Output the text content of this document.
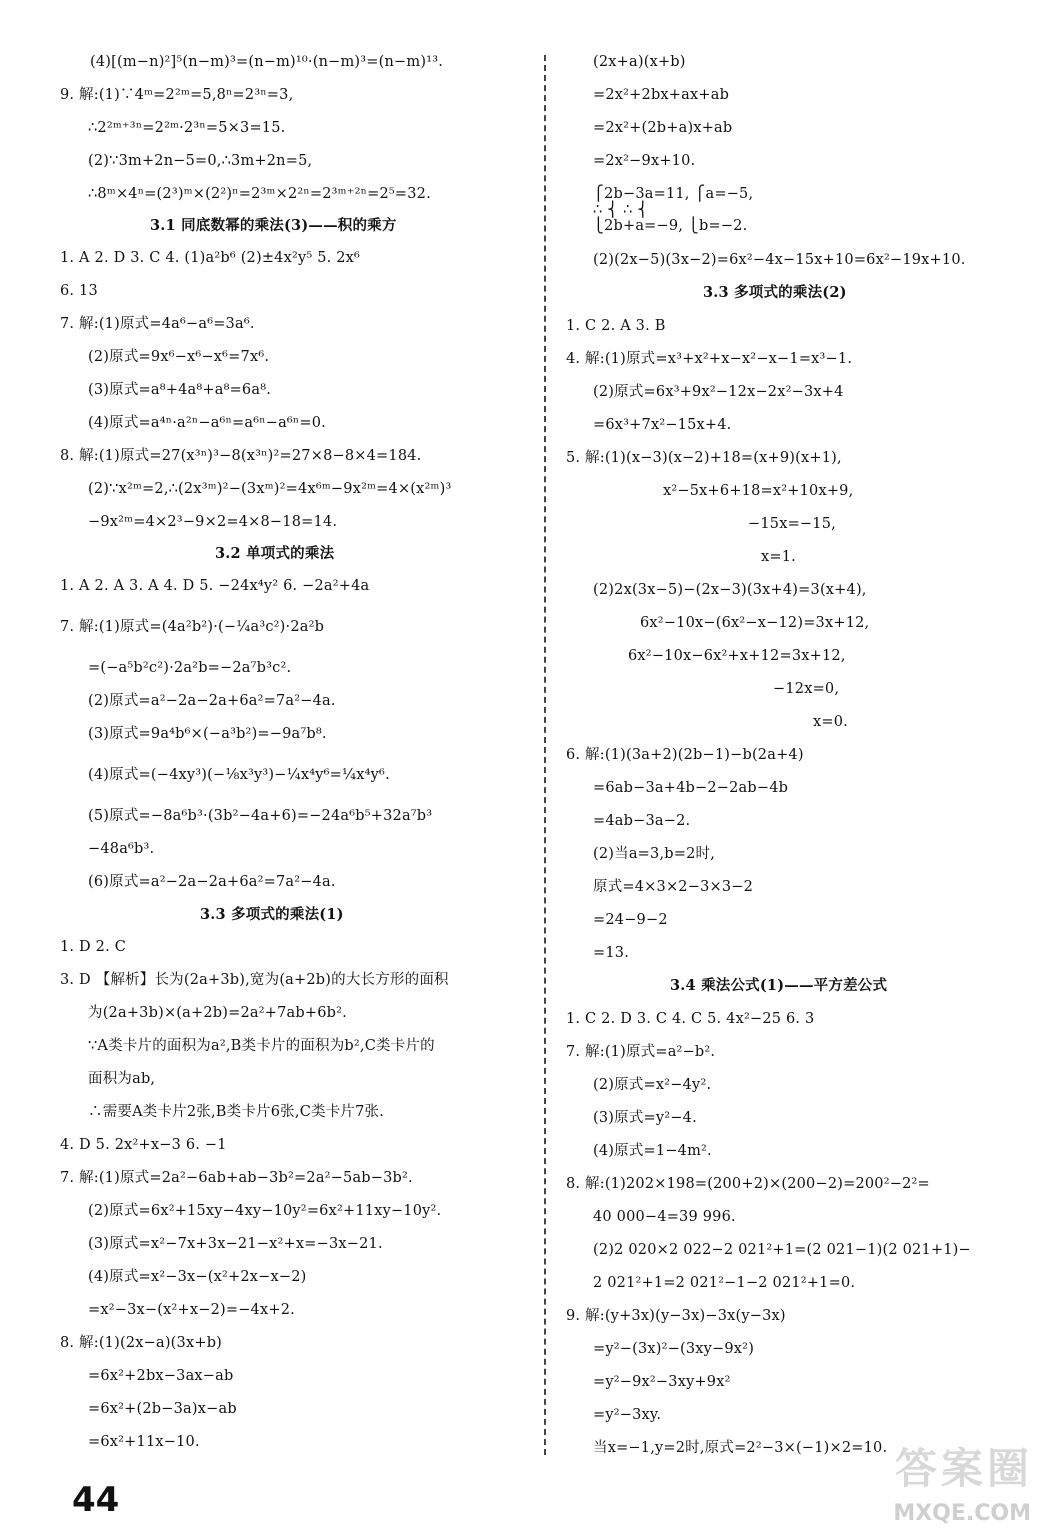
(4)[(m−n)²]⁵(n−m)³=(n−m)¹⁰·(n−m)³=(n−m)¹³.
9. 解:(1)∵4ᵐ=2²ᵐ=5,8ⁿ=2³ⁿ=3,
∴2²ᵐ⁺³ⁿ=2²ᵐ·2³ⁿ=5×3=15.
(2)∵3m+2n−5=0,∴3m+2n=5,
∴8ᵐ×4ⁿ=(2³)ᵐ×(2²)ⁿ=2³ᵐ×2²ⁿ=2³ᵐ⁺²ⁿ=2⁵=32.
3.1 同底数幂的乘法(3)——积的乘方
1. A 2. D 3. C 4. (1)a²b⁶ (2)±4x²y⁵ 5. 2x⁶
6. 13
7. 解:(1)原式=4a⁶−a⁶=3a⁶.
(2)原式=9x⁶−x⁶−x⁶=7x⁶.
(3)原式=a⁸+4a⁸+a⁸=6a⁸.
(4)原式=a⁴ⁿ·a²ⁿ−a⁶ⁿ=a⁶ⁿ−a⁶ⁿ=0.
8. 解:(1)原式=27(x³ⁿ)³−8(x³ⁿ)²=27×8−8×4=184.
(2)∵x²ᵐ=2,∴(2x³ᵐ)²−(3xᵐ)²=4x⁶ᵐ−9x²ᵐ=4×(x²ᵐ)³
−9x²ᵐ=4×2³−9×2=4×8−18=14.
3.2 单项式的乘法
1. A 2. A 3. A 4. D 5. −24x⁴y² 6. −2a²+4a
7. 解:(1)原式=(4a²b²)·(−¼a³c²)·2a²b
=(−a⁵b²c²)·2a²b=−2a⁷b³c².
(2)原式=a²−2a−2a+6a²=7a²−4a.
(3)原式=9a⁴b⁶×(−a³b²)=−9a⁷b⁸.
(4)原式=(−4xy³)(−⅛x³y³)−¼x⁴y⁶=¼x⁴y⁶.
(5)原式=−8a⁶b³·(3b²−4a+6)=−24a⁶b⁵+32a⁷b³
−48a⁶b³.
(6)原式=a²−2a−2a+6a²=7a²−4a.
3.3 多项式的乘法(1)
1. D 2. C
3. D 【解析】长为(2a+3b),宽为(a+2b)的大长方形的面积
为(2a+3b)×(a+2b)=2a²+7ab+6b².
∵A类卡片的面积为a²,B类卡片的面积为b²,C类卡片的
面积为ab,
∴需要A类卡片2张,B类卡片6张,C类卡片7张.
4. D 5. 2x²+x−3 6. −1
7. 解:(1)原式=2a²−6ab+ab−3b²=2a²−5ab−3b².
(2)原式=6x²+15xy−4xy−10y²=6x²+11xy−10y².
(3)原式=x²−7x+3x−21−x²+x=−3x−21.
(4)原式=x²−3x−(x²+2x−x−2)
=x²−3x−(x²+x−2)=−4x+2.
8. 解:(1)(2x−a)(3x+b)
=6x²+2bx−3ax−ab
=6x²+(2b−3a)x−ab
=6x²+11x−10.
(2x+a)(x+b)
=2x²+2bx+ax+ab
=2x²+(2b+a)x+ab
=2x²−9x+10.
⎧2b−3a=11, ⎧a=−5,
∴ ⎨ ∴ ⎨
⎩2b+a=−9, ⎩b=−2.
(2)(2x−5)(3x−2)=6x²−4x−15x+10=6x²−19x+10.
3.3 多项式的乘法(2)
1. C 2. A 3. B
4. 解:(1)原式=x³+x²+x−x²−x−1=x³−1.
(2)原式=6x³+9x²−12x−2x²−3x+4
=6x³+7x²−15x+4.
5. 解:(1)(x−3)(x−2)+18=(x+9)(x+1),
x²−5x+6+18=x²+10x+9,
−15x=−15,
x=1.
(2)2x(3x−5)−(2x−3)(3x+4)=3(x+4),
6x²−10x−(6x²−x−12)=3x+12,
6x²−10x−6x²+x+12=3x+12,
−12x=0,
x=0.
6. 解:(1)(3a+2)(2b−1)−b(2a+4)
=6ab−3a+4b−2−2ab−4b
=4ab−3a−2.
(2)当a=3,b=2时,
原式=4×3×2−3×3−2
=24−9−2
=13.
3.4 乘法公式(1)——平方差公式
1. C 2. D 3. C 4. C 5. 4x²−25 6. 3
7. 解:(1)原式=a²−b².
(2)原式=x²−4y².
(3)原式=y²−4.
(4)原式=1−4m².
8. 解:(1)202×198=(200+2)×(200−2)=200²−2²=
40 000−4=39 996.
(2)2 020×2 022−2 021²+1=(2 021−1)(2 021+1)−
2 021²+1=2 021²−1−2 021²+1=0.
9. 解:(y+3x)(y−3x)−3x(y−3x)
=y²−(3x)²−(3xy−9x²)
=y²−9x²−3xy+9x²
=y²−3xy.
当x=−1,y=2时,原式=2²−3×(−1)×2=10.
44
答案圈
MXQE.COM
